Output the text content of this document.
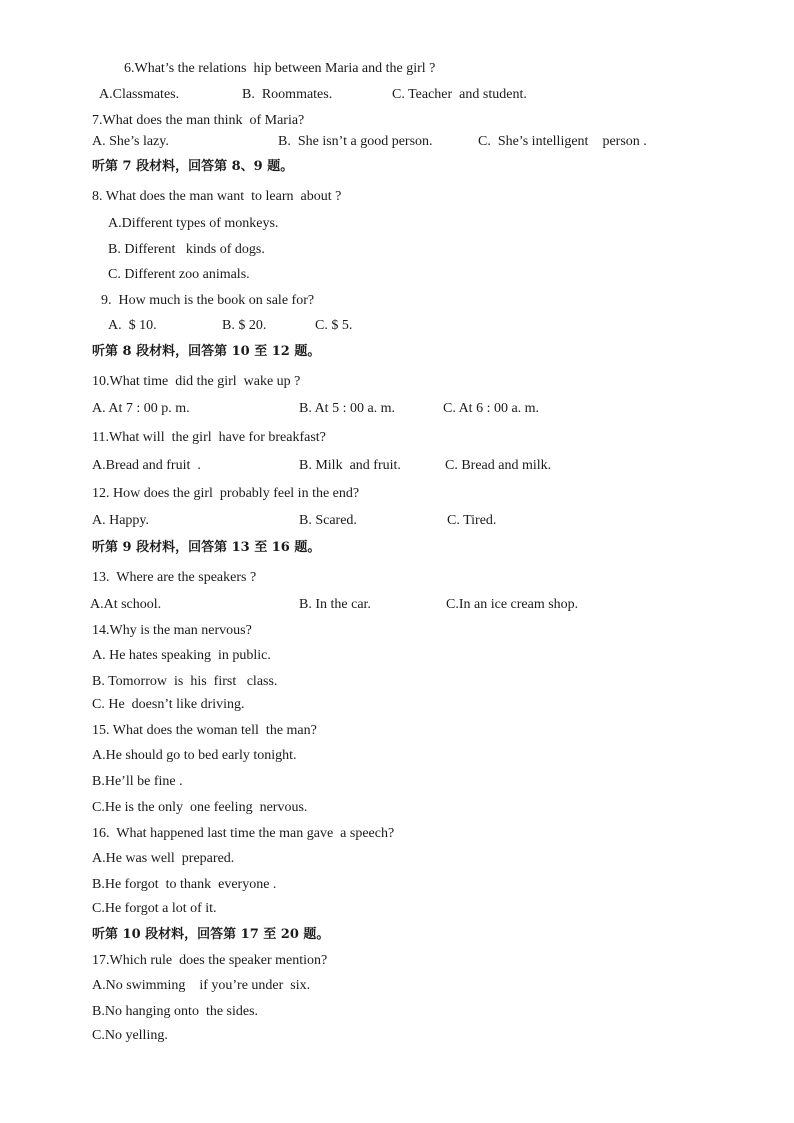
6.What’s the relations  hip between Maria and the girl ?
A.Classmates.	B.  Roommates.	C. Teacher  and student.
7.What does the man think  of Maria?
A. She’s lazy.	B.  She isn’t a good person.	C.  She’s intelligent    person .
听第 7 段材料，回答第 8、9 题。
8. What does the man want  to learn  about ?
A.Different types of monkeys.
B. Different   kinds of dogs.
C. Different zoo animals.
9.  How much is the book on sale for?
A.  $ 10.	B. $ 20.	C. $ 5.
听第 8 段材料，回答第 10 至 12 题。
10.What time  did the girl  wake up ?
A. At 7 : 00 p. m.	B. At 5 : 00 a. m.	C. At 6 : 00 a. m.
11.What will  the girl  have for breakfast?
A.Bread and fruit  .	B. Milk  and fruit.	C. Bread and milk.
12. How does the girl  probably feel in the end?
A. Happy.	B. Scared.	C. Tired.
听第 9 段材料，回答第 13 至 16 题。
13.  Where are the speakers ?
A.At school.	B. In the car.	C.In an ice cream shop.
14.Why is the man nervous?
A. He hates speaking  in public.
B. Tomorrow  is  his  first   class.
C. He  doesn’t like driving.
15. What does the woman tell  the man?
A.He should go to bed early tonight.
B.He’ll be fine .
C.He is the only  one feeling  nervous.
16.  What happened last time the man gave  a speech?
A.He was well  prepared.
B.He forgot  to thank  everyone .
C.He forgot a lot of it.
听第 10 段材料，回答第 17 至 20 题。
17.Which rule  does the speaker mention?
A.No swimming    if you’re under  six.
B.No hanging onto  the sides.
C.No yelling.
